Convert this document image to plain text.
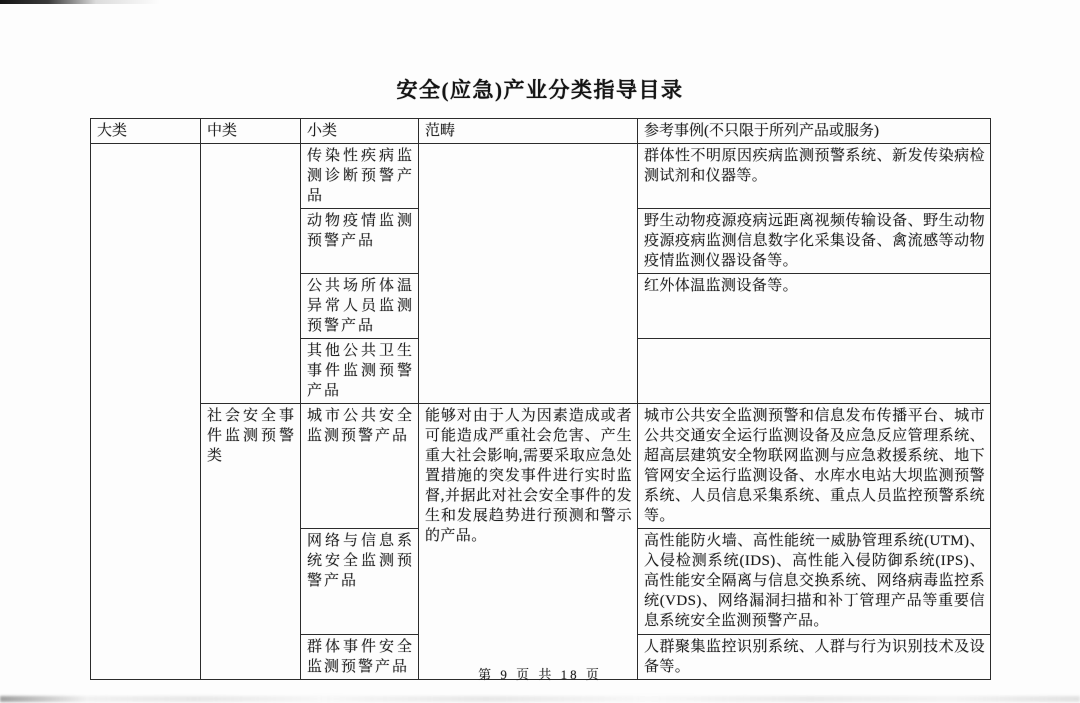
安全(应急)产业分类指导目录
大类	中类	小类	范畴	参考事例(不只限于所列产品或服务)
		传染性疾病监测诊断预警产品		群体性不明原因疾病监测预警系统、新发传染病检测试剂和仪器等。
		动物疫情监测预警产品		野生动物疫源疫病远距离视频传输设备、野生动物疫源疫病监测信息数字化采集设备、禽流感等动物疫情监测仪器设备等。
		公共场所体温异常人员监测预警产品		红外体温监测设备等。
		其他公共卫生事件监测预警产品		
	社会安全事件监测预警类	城市公共安全监测预警产品	能够对由于人为因素造成或者可能造成严重社会危害、产生重大社会影响,需要采取应急处置措施的突发事件进行实时监督,并据此对社会安全事件的发生和发展趋势进行预测和警示的产品。	城市公共安全监测预警和信息发布传播平台、城市公共交通安全运行监测设备及应急反应管理系统、超高层建筑安全物联网监测与应急救援系统、地下管网安全运行监测设备、水库水电站大坝监测预警系统、人员信息采集系统、重点人员监控预警系统等。
		网络与信息系统安全监测预警产品		高性能防火墙、高性能统一威胁管理系统(UTM)、入侵检测系统(IDS)、高性能入侵防御系统(IPS)、高性能安全隔离与信息交换系统、网络病毒监控系统(VDS)、网络漏洞扫描和补丁管理产品等重要信息系统安全监测预警产品。
		群体事件安全监测预警产品		人群聚集监控识别系统、人群与行为识别技术及设备等。
第 9 页 共 18 页
